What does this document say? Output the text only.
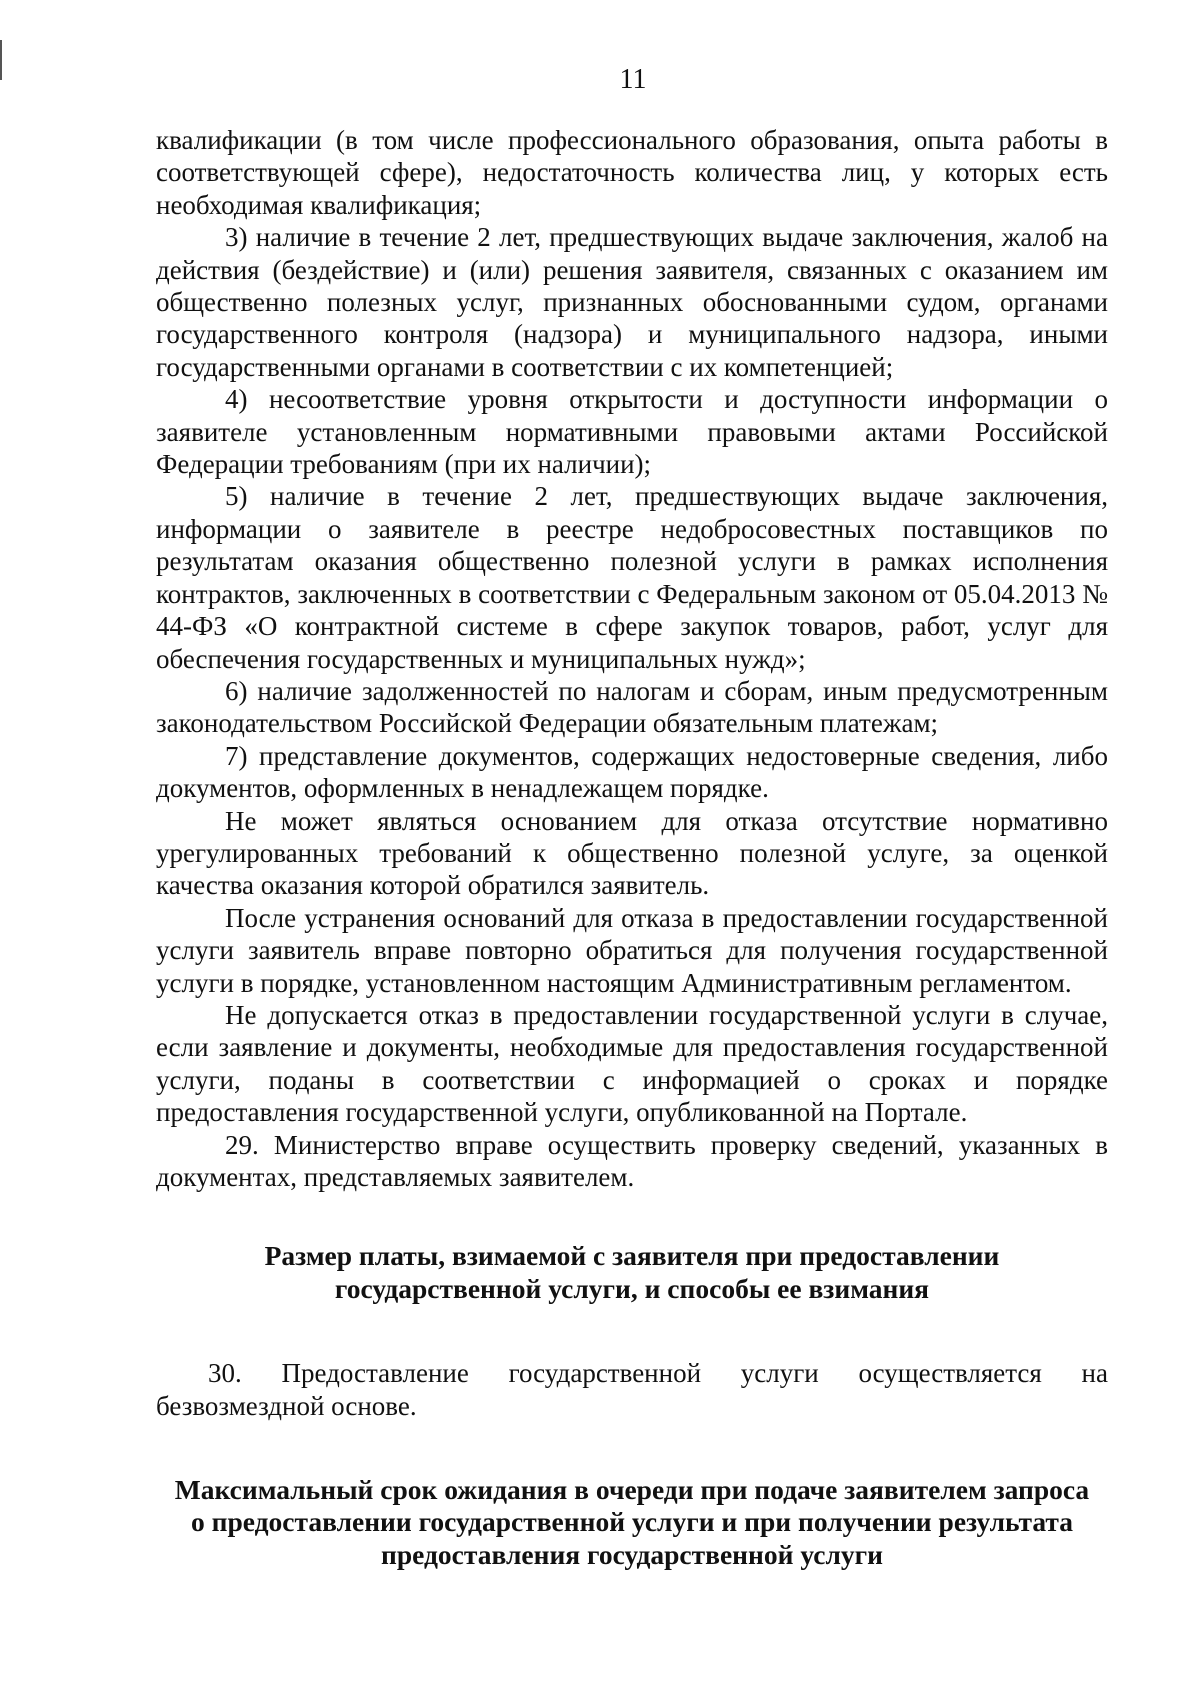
11

квалификации (в том числе профессионального образования, опыта работы в соответствующей сфере), недостаточность количества лиц, у которых есть необходимая квалификация;

3) наличие в течение 2 лет, предшествующих выдаче заключения, жалоб на действия (бездействие) и (или) решения заявителя, связанных с оказанием им общественно полезных услуг, признанных обоснованными судом, органами государственного контроля (надзора) и муниципального надзора, иными государственными органами в соответствии с их компетенцией;

4) несоответствие уровня открытости и доступности информации о заявителе установленным нормативными правовыми актами Российской Федерации требованиям (при их наличии);

5) наличие в течение 2 лет, предшествующих выдаче заключения, информации о заявителе в реестре недобросовестных поставщиков по результатам оказания общественно полезной услуги в рамках исполнения контрактов, заключенных в соответствии с Федеральным законом от 05.04.2013 № 44-ФЗ «О контрактной системе в сфере закупок товаров, работ, услуг для обеспечения государственных и муниципальных нужд»;

6) наличие задолженностей по налогам и сборам, иным предусмотренным законодательством Российской Федерации обязательным платежам;

7) представление документов, содержащих недостоверные сведения, либо документов, оформленных в ненадлежащем порядке.

Не может являться основанием для отказа отсутствие нормативно урегулированных требований к общественно полезной услуге, за оценкой качества оказания которой обратился заявитель.

После устранения оснований для отказа в предоставлении государственной услуги заявитель вправе повторно обратиться для получения государственной услуги в порядке, установленном настоящим Административным регламентом.

Не допускается отказ в предоставлении государственной услуги в случае, если заявление и документы, необходимые для предоставления государственной услуги, поданы в соответствии с информацией о сроках и порядке предоставления государственной услуги, опубликованной на Портале.

29. Министерство вправе осуществить проверку сведений, указанных в документах, представляемых заявителем.

Размер платы, взимаемой с заявителя при предоставлении
государственной услуги, и способы ее взимания

30. Предоставление государственной услуги осуществляется на безвозмездной основе.

Максимальный срок ожидания в очереди при подаче заявителем запроса
о предоставлении государственной услуги и при получении результата
предоставления государственной услуги
